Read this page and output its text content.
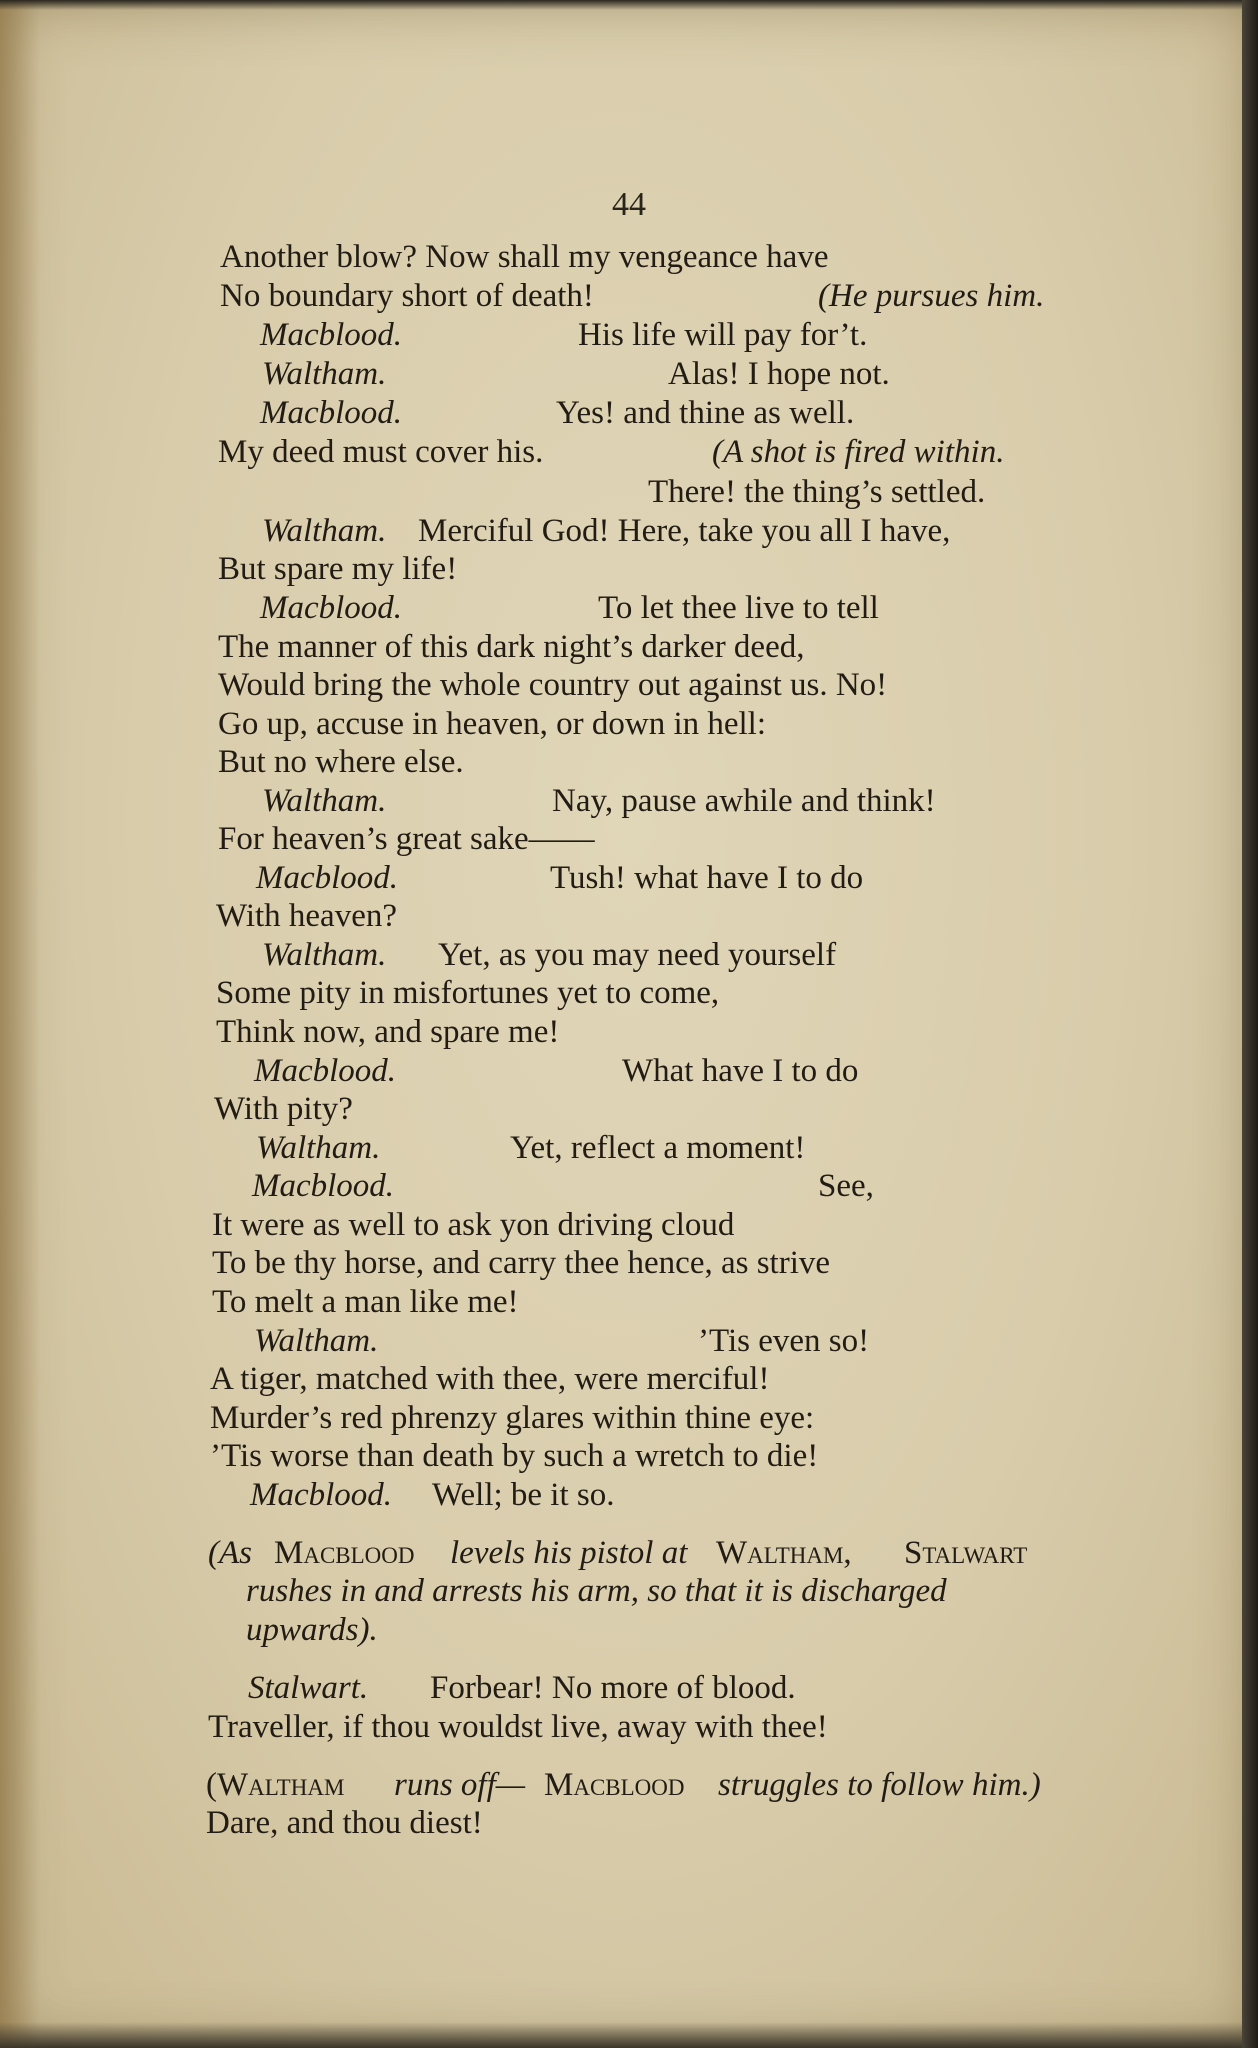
44
Another blow? Now shall my vengeance have
No boundary short of death!	(He pursues him.
Macblood.	His life will pay for’t.
Waltham.	Alas! I hope not.
Macblood.	Yes! and thine as well.
My deed must cover his.	(A shot is fired within.
There! the thing’s settled.
Waltham. Merciful God! Here, take you all I have,
But spare my life!
Macblood.	To let thee live to tell
The manner of this dark night’s darker deed,
Would bring the whole country out against us. No!
Go up, accuse in heaven, or down in hell:
But no where else.
Waltham.	Nay, pause awhile and think!
For heaven’s great sake——
Macblood.	Tush! what have I to do
With heaven?
Waltham. Yet, as you may need yourself
Some pity in misfortunes yet to come,
Think now, and spare me!
Macblood.	What have I to do
With pity?
Waltham.	Yet, reflect a moment!
Macblood.	See,
It were as well to ask yon driving cloud
To be thy horse, and carry thee hence, as strive
To melt a man like me!
Waltham.	’Tis even so!
A tiger, matched with thee, were merciful!
Murder’s red phrenzy glares within thine eye:
’Tis worse than death by such a wretch to die!
Macblood. Well; be it so.
(As Macblood levels his pistol at Waltham, Stalwart
rushes in and arrests his arm, so that it is discharged
upwards).
Stalwart. Forbear! No more of blood.
Traveller, if thou wouldst live, away with thee!
(Waltham runs off— Macblood struggles to follow him.)
Dare, and thou diest!
